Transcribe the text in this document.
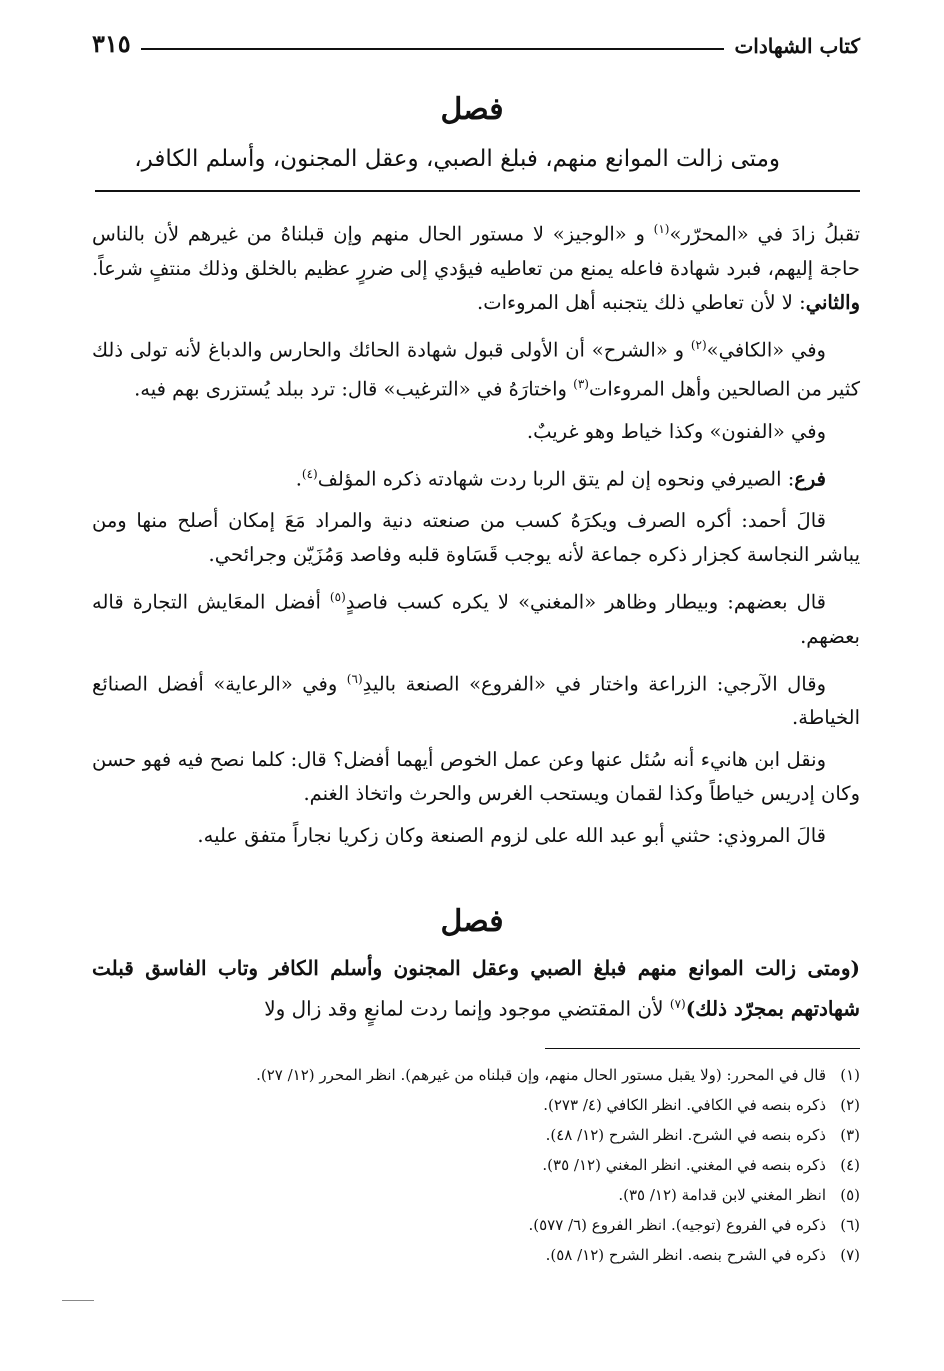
كتاب الشهادات
٣١٥
فصل
ومتى زالت الموانع منهم، فبلغ الصبي، وعقل المجنون، وأسلم الكافر،

تقبلُ زادَ في «المحرّر»$^{(١)}$ و «الوجيز» لا مستور الحال منهم وإن قبلناهُ من غيرهم لأن بالناس حاجة إليهم، فبرد شهادة فاعله يمنع من تعاطيه فيؤدي إلى ضررٍ عظيم بالخلق وذلك منتفٍ شرعاً. والثاني: لا لأن تعاطي ذلك يتجنبه أهل المروءات.

وفي «الكافي»$^{(٢)}$ و «الشرح» أن الأولى قبول شهادة الحائك والحارس والدباغ لأنه تولى ذلك كثير من الصالحين وأهل المروءات$^{(٣)}$ واختارَهُ في «الترغيب» قال: ترد ببلد يُستزرى بهم فيه.

وفي «الفنون» وكذا خياط وهو غريبٌ.

فرع: الصيرفي ونحوه إن لم يتق الربا ردت شهادته ذكره المؤلف$^{(٤)}$.

قالَ أحمد: أكره الصرف ويكرَهُ كسب من صنعته دنية والمراد مَعَ إمكان أصلح منها ومن يباشر النجاسة كجزار ذكره جماعة لأنه يوجب قَسَاوة قلبه وفاصد وَمُزَيّن وجرائحي.

قال بعضهم: وبيطار وظاهر «المغني» لا يكره كسب فاصدٍ$^{(٥)}$ أفضل المعَايش التجارة قاله بعضهم.

وقال الآرجي: الزراعة واختار في «الفروع» الصنعة باليدِ$^{(٦)}$ وفي «الرعاية» أفضل الصنائع الخياطة.

ونقل ابن هانيء أنه سُئل عنها وعن عمل الخوص أيهما أفضل؟ قال: كلما نصح فيه فهو حسن وكان إدريس خياطاً وكذا لقمان ويستحب الغرس والحرث واتخاذ الغنم.

قالَ المروذي: حثني أبو عبد الله على لزوم الصنعة وكان زكريا نجاراً متفق عليه.

فصل
(ومتى زالت الموانع منهم فبلغ الصبي وعقل المجنون وأسلم الكافر وتاب الفاسق قبلت شهادتهم بمجرّد ذلك)$^{(٧)}$ لأن المقتضي موجود وإنما ردت لمانعٍ وقد زال ولا
(١)قال في المحرر: (ولا يقبل مستور الحال منهم، وإن قبلناه من غيرهم). انظر المحرر (١٢/ ٢٧).
(٢)ذكره بنصه في الكافي. انظر الكافي (٤/ ٢٧٣).
(٣)ذكره بنصه في الشرح. انظر الشرح (١٢/ ٤٨).
(٤)ذكره بنصه في المغني. انظر المغني (١٢/ ٣٥).
(٥)انظر المغني لابن قدامة (١٢/ ٣٥).
(٦)ذكره في الفروع (توجيه). انظر الفروع (٦/ ٥٧٧).
(٧)ذكره في الشرح بنصه. انظر الشرح (١٢/ ٥٨).
